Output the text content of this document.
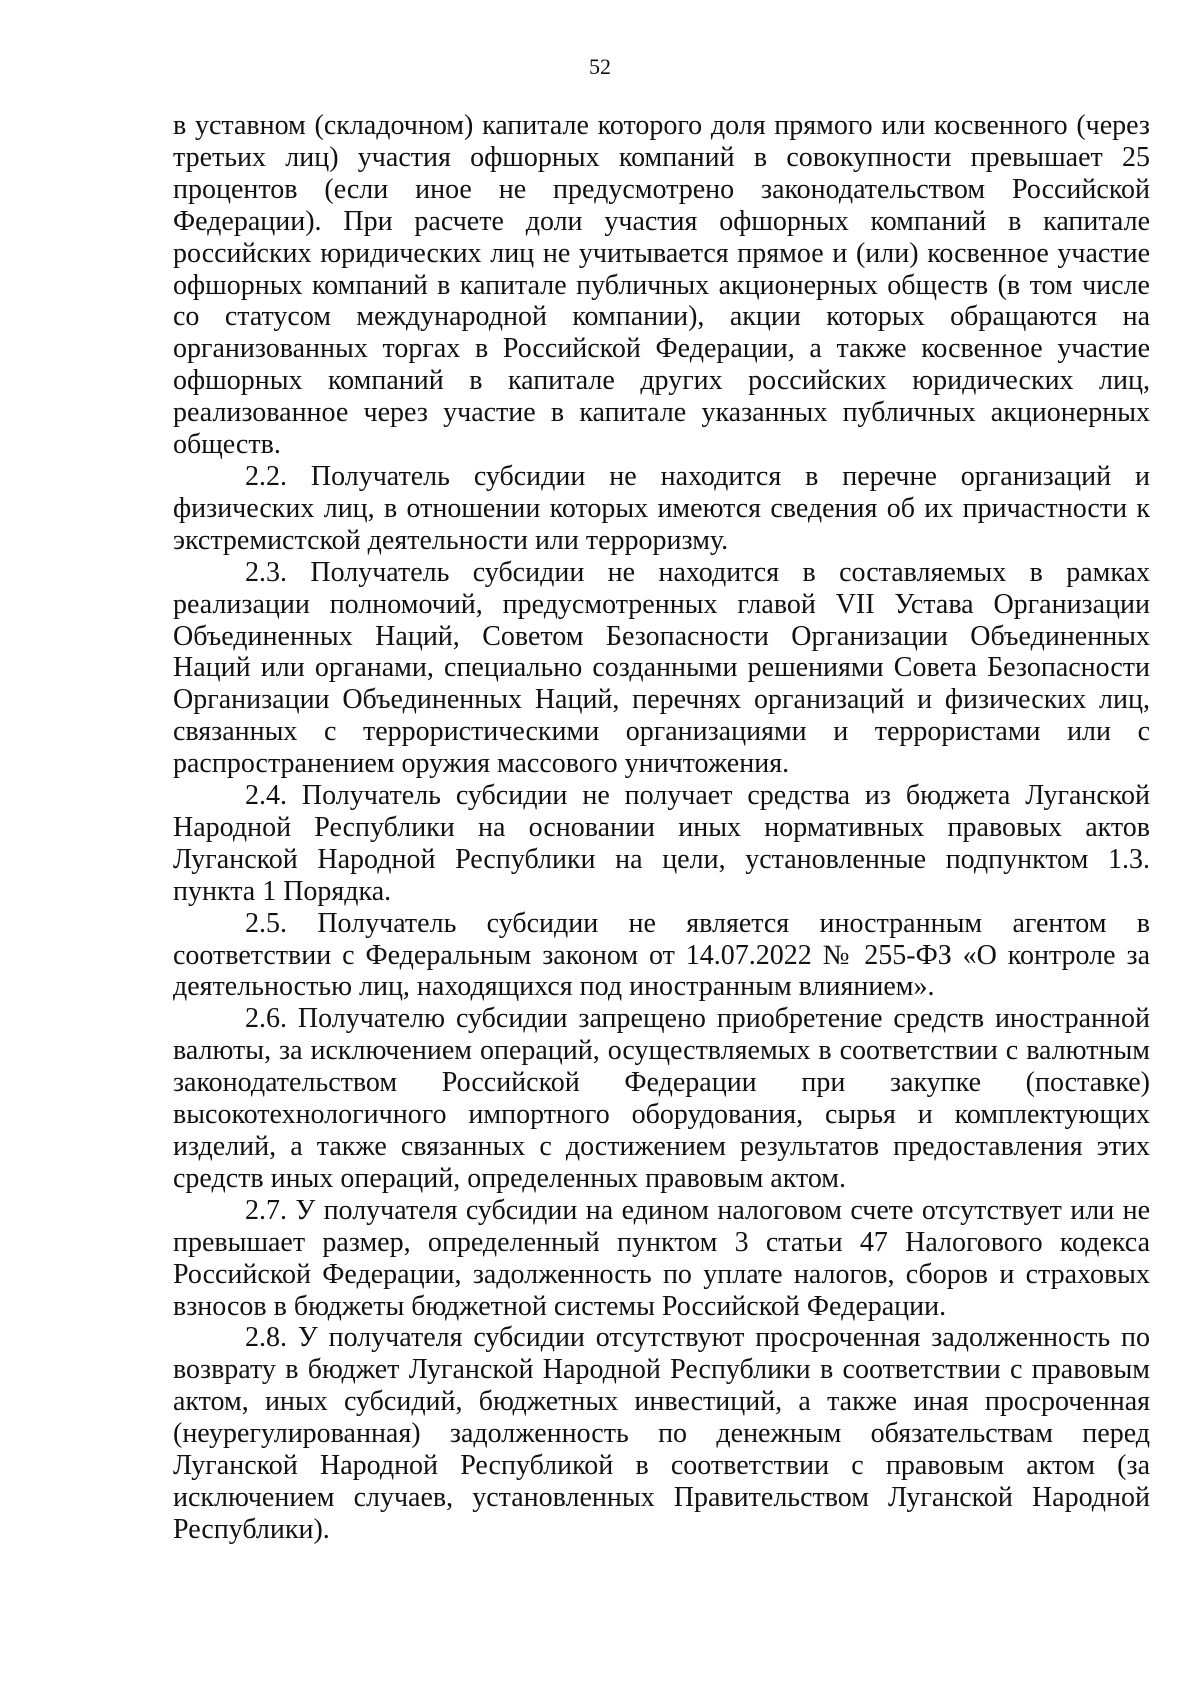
52

в уставном (складочном) капитале которого доля прямого или косвенного (через третьих лиц) участия офшорных компаний в совокупности превышает 25 процентов (если иное не предусмотрено законодательством Российской Федерации). При расчете доли участия офшорных компаний в капитале российских юридических лиц не учитывается прямое и (или) косвенное участие офшорных компаний в капитале публичных акционерных обществ (в том числе со статусом международной компании), акции которых обращаются на организованных торгах в Российской Федерации, а также косвенное участие офшорных компаний в капитале других российских юридических лиц, реализованное через участие в капитале указанных публичных акционерных обществ.

2.2. Получатель субсидии не находится в перечне организаций и физических лиц, в отношении которых имеются сведения об их причастности к экстремистской деятельности или терроризму.

2.3. Получатель субсидии не находится в составляемых в рамках реализации полномочий, предусмотренных главой VII Устава Организации Объединенных Наций, Советом Безопасности Организации Объединенных Наций или органами, специально созданными решениями Совета Безопасности Организации Объединенных Наций, перечнях организаций и физических лиц, связанных с террористическими организациями и террористами или с распространением оружия массового уничтожения.

2.4. Получатель субсидии не получает средства из бюджета Луганской Народной Республики на основании иных нормативных правовых актов Луганской Народной Республики на цели, установленные подпунктом 1.3. пункта 1 Порядка.

2.5. Получатель субсидии не является иностранным агентом в соответствии с Федеральным законом от 14.07.2022 № 255-ФЗ «О контроле за деятельностью лиц, находящихся под иностранным влиянием».

2.6. Получателю субсидии запрещено приобретение средств иностранной валюты, за исключением операций, осуществляемых в соответствии с валютным законодательством Российской Федерации при закупке (поставке) высокотехнологичного импортного оборудования, сырья и комплектующих изделий, а также связанных с достижением результатов предоставления этих средств иных операций, определенных правовым актом.

2.7. У получателя субсидии на едином налоговом счете отсутствует или не превышает размер, определенный пунктом 3 статьи 47 Налогового кодекса Российской Федерации, задолженность по уплате налогов, сборов и страховых взносов в бюджеты бюджетной системы Российской Федерации.

2.8. У получателя субсидии отсутствуют просроченная задолженность по возврату в бюджет Луганской Народной Республики в соответствии с правовым актом, иных субсидий, бюджетных инвестиций, а также иная просроченная (неурегулированная) задолженность по денежным обязательствам перед Луганской Народной Республикой в соответствии с правовым актом (за исключением случаев, установленных Правительством Луганской Народной Республики).
